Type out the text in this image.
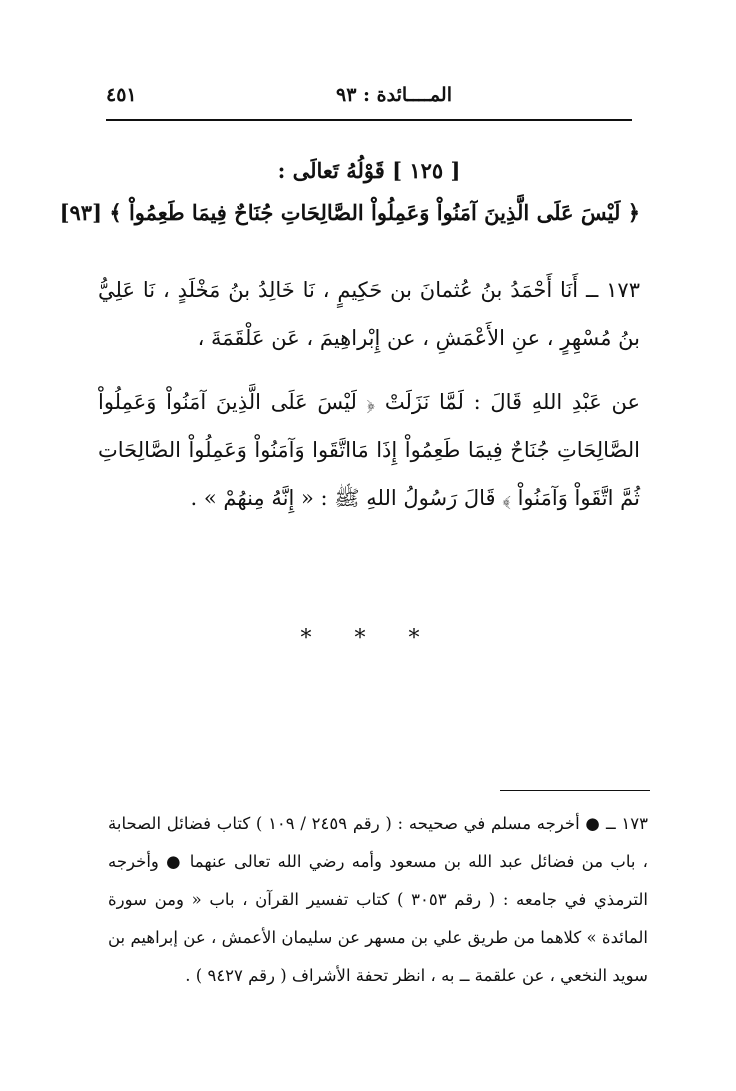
المــــائدة : ٩٣
٤٥١
[ ١٢٥ ] قَوْلُهُ تَعالَى :
﴿ لَيْسَ عَلَى الَّذِينَ آمَنُواْ وَعَمِلُواْ الصَّالِحَاتِ جُنَاحٌ فِيمَا طَعِمُواْ ﴾ [٩٣]
١٧٣ ــ أَنَا أَحْمَدُ بنُ عُثمانَ بن حَكِيمٍ ، نَا خَالِدُ بنُ مَخْلَدٍ ، نَا عَلِيُّ بنُ مُسْهِرٍ ، عنِ الأَعْمَشِ ، عن إِبْراهِيمَ ، عَن عَلْقَمَةَ ،
عن عَبْدِ اللهِ قَالَ : لَمَّا نَزَلَتْ ﴿ لَيْسَ عَلَى الَّذِينَ آمَنُواْ وَعَمِلُواْ الصَّالِحَاتِ جُنَاحٌ فِيمَا طَعِمُواْ إِذَا مَااتَّقَوا وَآمَنُواْ وَعَمِلُواْ الصَّالِحَاتِ ثُمَّ اتَّقَواْ وَآمَنُواْ ﴾ قَالَ رَسُولُ اللهِ ﷺ : « إِنَّهُ مِنهُمْ » .
* * *
١٧٣ ــ ● أخرجه مسلم في صحيحه : ( رقم ٢٤٥٩ / ١٠٩ ) كتاب فضائل الصحابة ، باب من فضائل عبد الله بن مسعود وأمه رضي الله تعالى عنهما ● وأخرجه الترمذي في جامعه : ( رقم ٣٠٥٣ ) كتاب تفسير القرآن ، باب « ومن سورة المائدة » كلاهما من طريق علي بن مسهر عن سليمان الأعمش ، عن إبراهيم بن سويد النخعي ، عن علقمة ــ به ، انظر تحفة الأشراف ( رقم ٩٤٢٧ ) .
